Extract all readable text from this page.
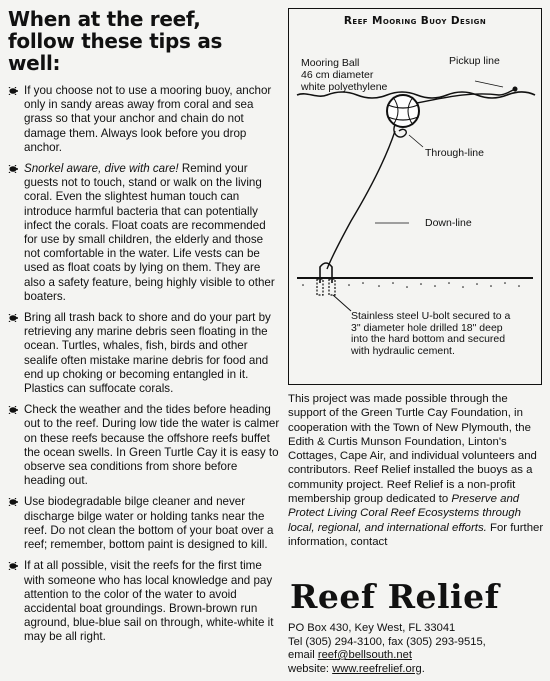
When at the reef,
follow these tips as well:
If you choose not to use a mooring buoy, anchor only in sandy areas away from coral and sea grass so that your anchor and chain do not damage them. Always look before you drop anchor.
Snorkel aware, dive with care! Remind your guests not to touch, stand or walk on the living coral. Even the slightest human touch can introduce harmful bacteria that can potentially infect the corals. Float coats are recommended for use by small children, the elderly and those not comfortable in the water. Life vests can be used as float coats by lying on them. They are also a safety feature, being highly visible to other boaters.
Bring all trash back to shore and do your part by retrieving any marine debris seen floating in the ocean. Turtles, whales, fish, birds and other sealife often mistake marine debris for food and end up choking or becoming entangled in it. Plastics can suffocate corals.
Check the weather and the tides before heading out to the reef. During low tide the water is calmer on these reefs because the offshore reefs buffet the ocean swells. In Green Turtle Cay it is easy to observe sea conditions from shore before heading out.
Use biodegradable bilge cleaner and never discharge bilge water or holding tanks near the reef. Do not clean the bottom of your boat over a reef; remember, bottom paint is designed to kill.
If at all possible, visit the reefs for the first time with someone who has local knowledge and pay attention to the color of the water to avoid accidental boat groundings. Brown-brown run aground, blue-blue sail on through, white-white it may be all right.
Reef Mooring Buoy Design
Mooring Ball
46 cm diameter
white polyethylene
Pickup line
Through-line
Down-line
Stainless steel U-bolt secured to a
3" diameter hole drilled 18" deep
into the hard bottom and secured
with hydraulic cement.

This project was made possible through the support of the Green Turtle Cay Foundation, in cooperation with the Town of New Plymouth, the Edith & Curtis Munson Foundation, Linton's Cottages, Cape Air, and individual volunteers and contributors. Reef Relief installed the buoys as a community project. Reef Relief is a non-profit membership group dedicated to Preserve and Protect Living Coral Reef Ecosystems through local, regional, and international efforts. For further information, contact

Reef Relief
PO Box 430, Key West, FL 33041
Tel (305) 294-3100, fax (305) 293-9515,
email reef@bellsouth.net
website: www.reefrelief.org.
